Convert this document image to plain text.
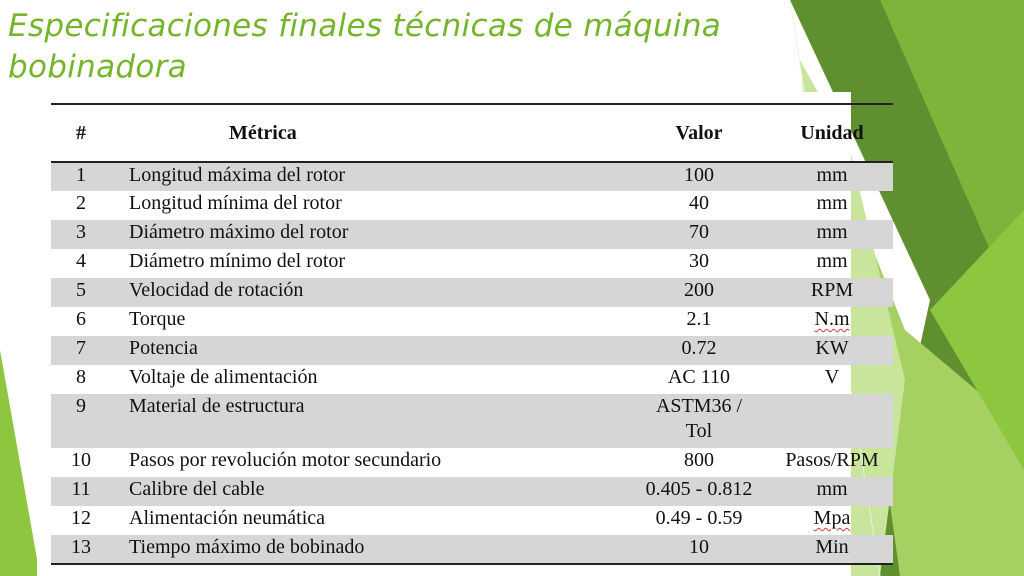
Especificaciones finales técnicas de máquina bobinadora
#	Métrica	Valor	Unidad
1	Longitud máxima del rotor	100	mm
2	Longitud mínima del rotor	40	mm
3	Diámetro máximo del rotor	70	mm
4	Diámetro mínimo del rotor	30	mm
5	Velocidad de rotación	200	RPM
6	Torque	2.1	N.m
7	Potencia	0.72	KW
8	Voltaje de alimentación	AC 110	V
9	Material de estructura	ASTM36 / Tol	
10	Pasos por revolución motor secundario	800	Pasos/RPM
11	Calibre del cable	0.405 - 0.812	mm
12	Alimentación neumática	0.49 - 0.59	Mpa
13	Tiempo máximo de bobinado	10	Min
